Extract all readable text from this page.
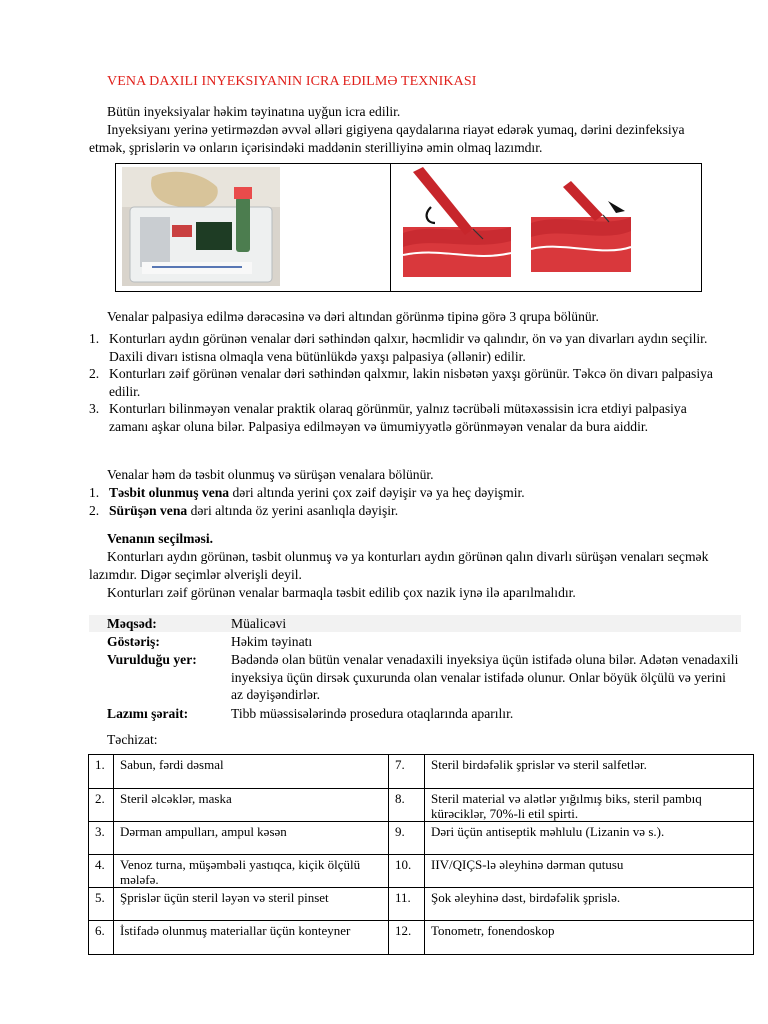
VENA DAXILI INYEKSIYANIN ICRA EDILMƏ TEXNIKASI
Bütün inyeksiyalar həkim təyinatına uyğun icra edilir.
Inyeksiyanı yerinə yetirməzdən əvvəl əlləri gigiyena qaydalarına riayət edərək yumaq, dərini dezinfeksiya etmək, şprislərin və onların içərisindəki maddənin sterilliyinə əmin olmaq lazımdır.
Venalar palpasiya edilmə dərəcəsinə və dəri altından görünmə tipinə görə 3 qrupa bölünür.
1. Konturları aydın görünən venalar dəri səthindən qalxır, həcmlidir və qalındır, ön və yan divarları aydın seçilir. Daxili divarı istisna olmaqla vena bütünlükdə yaxşı palpasiya (əllənir) edilir.
2. Konturları zəif görünən venalar dəri səthindən qalxmır, lakin nisbətən yaxşı görünür. Təkcə ön divarı palpasiya edilir.
3. Konturları bilinməyən venalar praktik olaraq görünmür, yalnız təcrübəli mütəxəssisin icra etdiyi palpasiya zamanı aşkar oluna bilər. Palpasiya edilməyən və ümumiyyətlə görünməyən venalar da bura aiddir.
Venalar həm də təsbit olunmuş və sürüşən venalara bölünür.
1. Təsbit olunmuş vena dəri altında yerini çox zəif dəyişir və ya heç dəyişmir.
2. Sürüşən vena dəri altında öz yerini asanlıqla dəyişir.
Venanın seçilməsi.
Konturları aydın görünən, təsbit olunmuş və ya konturları aydın görünən qalın divarlı sürüşən venaları seçmək lazımdır. Digər seçimlər əlverişli deyil.
Konturları zəif görünən venalar barmaqla təsbit edilib çox nazik iynə ilə aparılmalıdır.
Məqsəd:	Müalicəvi
Göstəriş:	Həkim təyinatı
Vurulduğu yer:	Bədəndə olan bütün venalar venadaxili inyeksiya üçün istifadə oluna bilər. Adətən venadaxili inyeksiya üçün dirsək çuxurunda olan venalar istifadə olunur. Onlar böyük ölçülü və yerini az dəyişəndirlər.
Lazımı şərait:	Tibb müəssisələrində prosedura otaqlarında aparılır.
Təchizat:
1.	Sabun, fərdi dəsmal	7.	Steril birdəfəlik şprislər və steril salfetlər.
2.	Steril əlcəklər, maska	8.	Steril material və alətlər yığılmış biks, steril pambıq kürəciklər, 70%-li etil spirti.
3.	Dərman ampulları, ampul kəsən	9.	Dəri üçün antiseptik məhlulu (Lizanin və s.).
4.	Venoz turna, müşəmbəli yastıqca, kiçik ölçülü mələfə.	10.	IIV/QIÇS-lə əleyhinə dərman qutusu
5.	Şprislər üçün steril ləyən və steril pinset	11.	Şok əleyhinə dəst, birdəfəlik şprislə.
6.	İstifadə olunmuş materiallar üçün konteyner	12.	Tonometr, fonendoskop
